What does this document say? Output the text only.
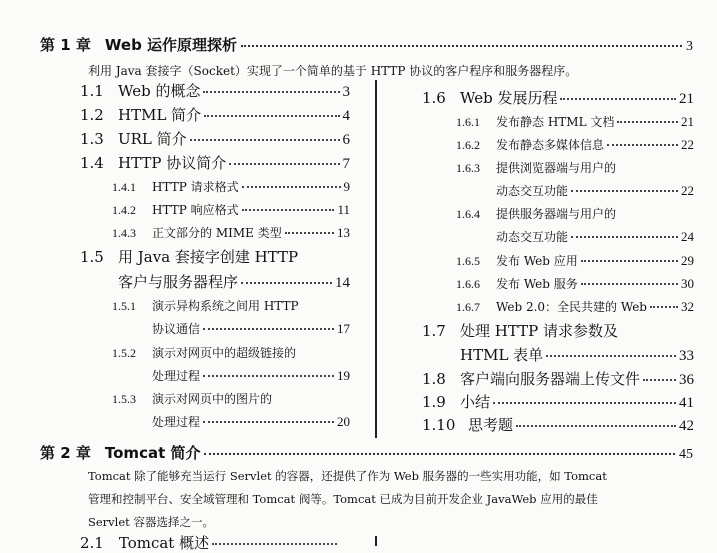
第 1 章 Web 运作原理探析	3
利用 Java 套接字（Socket）实现了一个简单的基于 HTTP 协议的客户程序和服务器程序。
1.1 Web 的概念	3
1.2 HTML 简介	4
1.3 URL 简介	6
1.4 HTTP 协议简介	7
1.4.1	HTTP 请求格式	9
1.4.2	HTTP 响应格式	11
1.4.3	正文部分的 MIME 类型	13
1.5 用 Java 套接字创建 HTTP
客户与服务器程序	14
1.5.1	演示异构系统之间用 HTTP
协议通信	17
1.5.2	演示对网页中的超级链接的
处理过程	19
1.5.3	演示对网页中的图片的
处理过程	20
1.6 Web 发展历程	21
1.6.1	发布静态 HTML 文档	21
1.6.2	发布静态多媒体信息	22
1.6.3	提供浏览器端与用户的
动态交互功能	22
1.6.4	提供服务器端与用户的
动态交互功能	24
1.6.5	发布 Web 应用	29
1.6.6	发布 Web 服务	30
1.6.7	Web 2.0：全民共建的 Web	32
1.7 处理 HTTP 请求参数及
HTML 表单	33
1.8 客户端向服务器端上传文件	36
1.9 小结	41
1.10 思考题	42
第 2 章 Tomcat 简介	45
Tomcat 除了能够充当运行 Servlet 的容器，还提供了作为 Web 服务器的一些实用功能，如 Tomcat
管理和控制平台、安全域管理和 Tomcat 阀等。Tomcat 已成为目前开发企业 JavaWeb 应用的最佳
Servlet 容器选择之一。
2.1　Tomcat 概述
